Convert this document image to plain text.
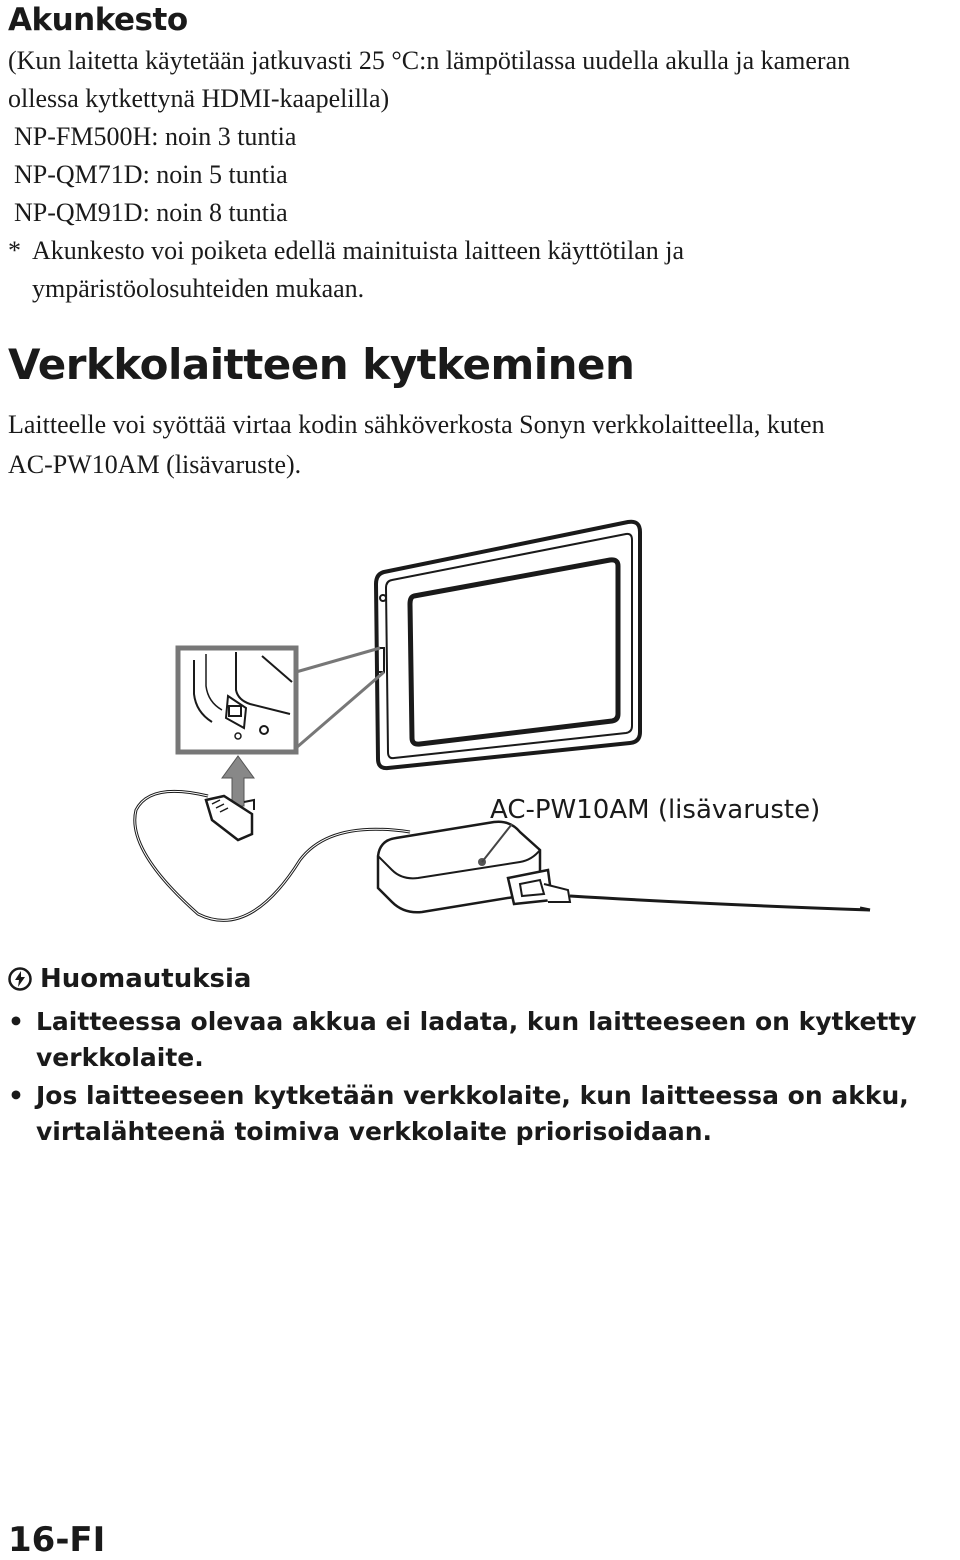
Akunkesto
(Kun laitetta käytetään jatkuvasti 25 °C:n lämpötilassa uudella akulla ja kameran
ollessa kytkettynä HDMI-kaapelilla)
NP-FM500H: noin 3 tuntia
NP-QM71D: noin 5 tuntia
NP-QM91D: noin 8 tuntia
* Akunkesto voi poiketa edellä mainituista laitteen käyttötilan ja
ympäristöolosuhteiden mukaan.
Verkkolaitteen kytkeminen
Laitteelle voi syöttää virtaa kodin sähköverkosta Sonyn verkkolaitteella, kuten
AC-PW10AM (lisävaruste).
AC-PW10AM (lisävaruste)
Huomautuksia
• Laitteessa olevaa akkua ei ladata, kun laitteeseen on kytketty
verkkolaite.
• Jos laitteeseen kytketään verkkolaite, kun laitteessa on akku,
virtalähteenä toimiva verkkolaite priorisoidaan.
16-FI
